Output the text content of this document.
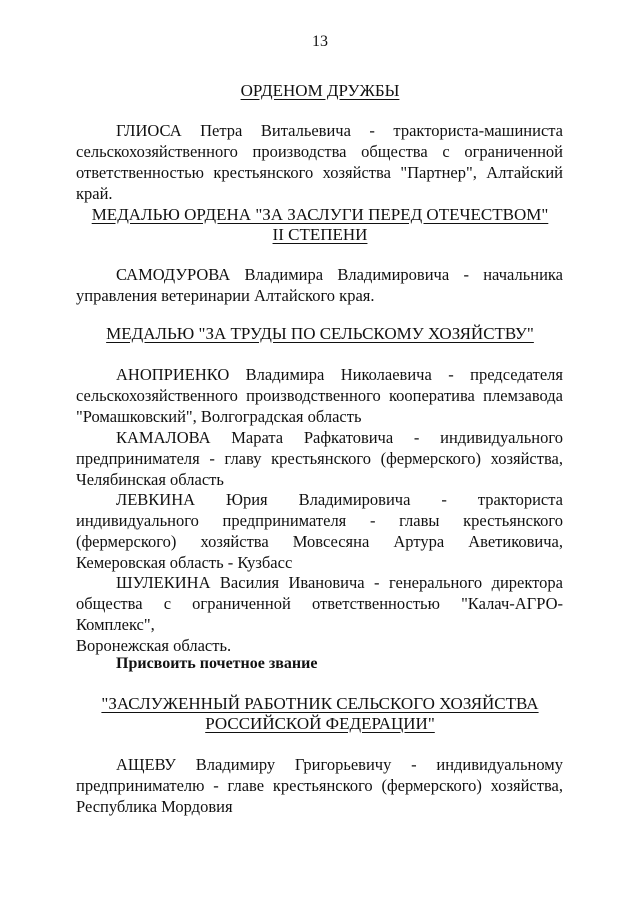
13
ОРДЕНОМ ДРУЖБЫ
ГЛИОСА Петра Витальевича - тракториста-машиниста
сельскохозяйственного производства общества с ограниченной
ответственностью крестьянского хозяйства "Партнер", Алтайский край.
МЕДАЛЬЮ ОРДЕНА "ЗА ЗАСЛУГИ ПЕРЕД ОТЕЧЕСТВОМ"
II СТЕПЕНИ
САМОДУРОВА Владимира Владимировича - начальника
управления ветеринарии Алтайского края.
МЕДАЛЬЮ "ЗА ТРУДЫ ПО СЕЛЬСКОМУ ХОЗЯЙСТВУ"
АНОПРИЕНКО Владимира Николаевича - председателя
сельскохозяйственного производственного кооператива племзавода
"Ромашковский", Волгоградская область
КАМАЛОВА Марата Рафкатовича - индивидуального
предпринимателя - главу крестьянского (фермерского) хозяйства,
Челябинская область
ЛЕВКИНА Юрия Владимировича - тракториста
индивидуального предпринимателя - главы крестьянского
(фермерского) хозяйства Мовсесяна Артура Аветиковича,
Кемеровская область - Кузбасс
ШУЛЕКИНА Василия Ивановича - генерального директора
общества с ограниченной ответственностью "Калач-АГРО-Комплекс",
Воронежская область.
Присвоить почетное звание
"ЗАСЛУЖЕННЫЙ РАБОТНИК СЕЛЬСКОГО ХОЗЯЙСТВА
РОССИЙСКОЙ ФЕДЕРАЦИИ"
АЩЕВУ Владимиру Григорьевичу - индивидуальному
предпринимателю - главе крестьянского (фермерского) хозяйства,
Республика Мордовия
